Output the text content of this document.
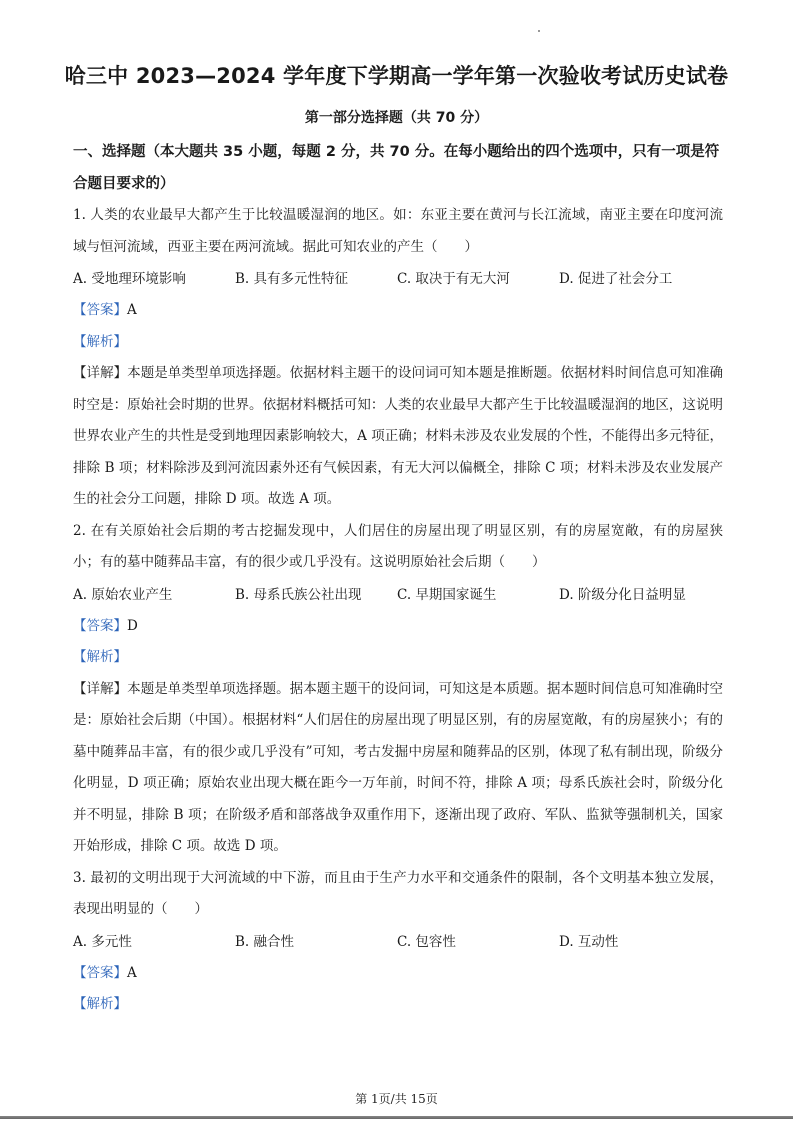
哈三中 2023—2024 学年度下学期高一学年第一次验收考试历史试卷
第一部分选择题（共 70 分）
一、选择题（本大题共 35 小题，每题 2 分，共 70 分。在每小题给出的四个选项中，只有一项是符合题目要求的）

1. 人类的农业最早大都产生于比较温暖湿润的地区。如：东亚主要在黄河与长江流域，南亚主要在印度河流域与恒河流域，西亚主要在两河流域。据此可知农业的产生（　　）

A. 受地理环境影响	B. 具有多元性特征	C. 取决于有无大河	D. 促进了社会分工

【答案】A

【解析】

【详解】本题是单类型单项选择题。依据材料主题干的设问词可知本题是推断题。依据材料时间信息可知准确时空是：原始社会时期的世界。依据材料概括可知：人类的农业最早大都产生于比较温暖湿润的地区，这说明世界农业产生的共性是受到地理因素影响较大，A 项正确；材料未涉及农业发展的个性，不能得出多元特征，排除 B 项；材料除涉及到河流因素外还有气候因素，有无大河以偏概全，排除 C 项；材料未涉及农业发展产生的社会分工问题，排除 D 项。故选 A 项。

2. 在有关原始社会后期的考古挖掘发现中，人们居住的房屋出现了明显区别，有的房屋宽敞，有的房屋狭小；有的墓中随葬品丰富，有的很少或几乎没有。这说明原始社会后期（　　）

A. 原始农业产生	B. 母系氏族公社出现	C. 早期国家诞生	D. 阶级分化日益明显

【答案】D

【解析】

【详解】本题是单类型单项选择题。据本题主题干的设问词，可知这是本质题。据本题时间信息可知准确时空是：原始社会后期（中国）。根据材料“人们居住的房屋出现了明显区别，有的房屋宽敞，有的房屋狭小；有的墓中随葬品丰富，有的很少或几乎没有”可知，考古发掘中房屋和随葬品的区别，体现了私有制出现，阶级分化明显，D 项正确；原始农业出现大概在距今一万年前，时间不符，排除 A 项；母系氏族社会时，阶级分化并不明显，排除 B 项；在阶级矛盾和部落战争双重作用下，逐渐出现了政府、军队、监狱等强制机关，国家开始形成，排除 C 项。故选 D 项。

3. 最初的文明出现于大河流域的中下游，而且由于生产力水平和交通条件的限制，各个文明基本独立发展，表现出明显的（　　）

A. 多元性	B. 融合性	C. 包容性	D. 互动性

【答案】A

【解析】

第 1页/共 15页
